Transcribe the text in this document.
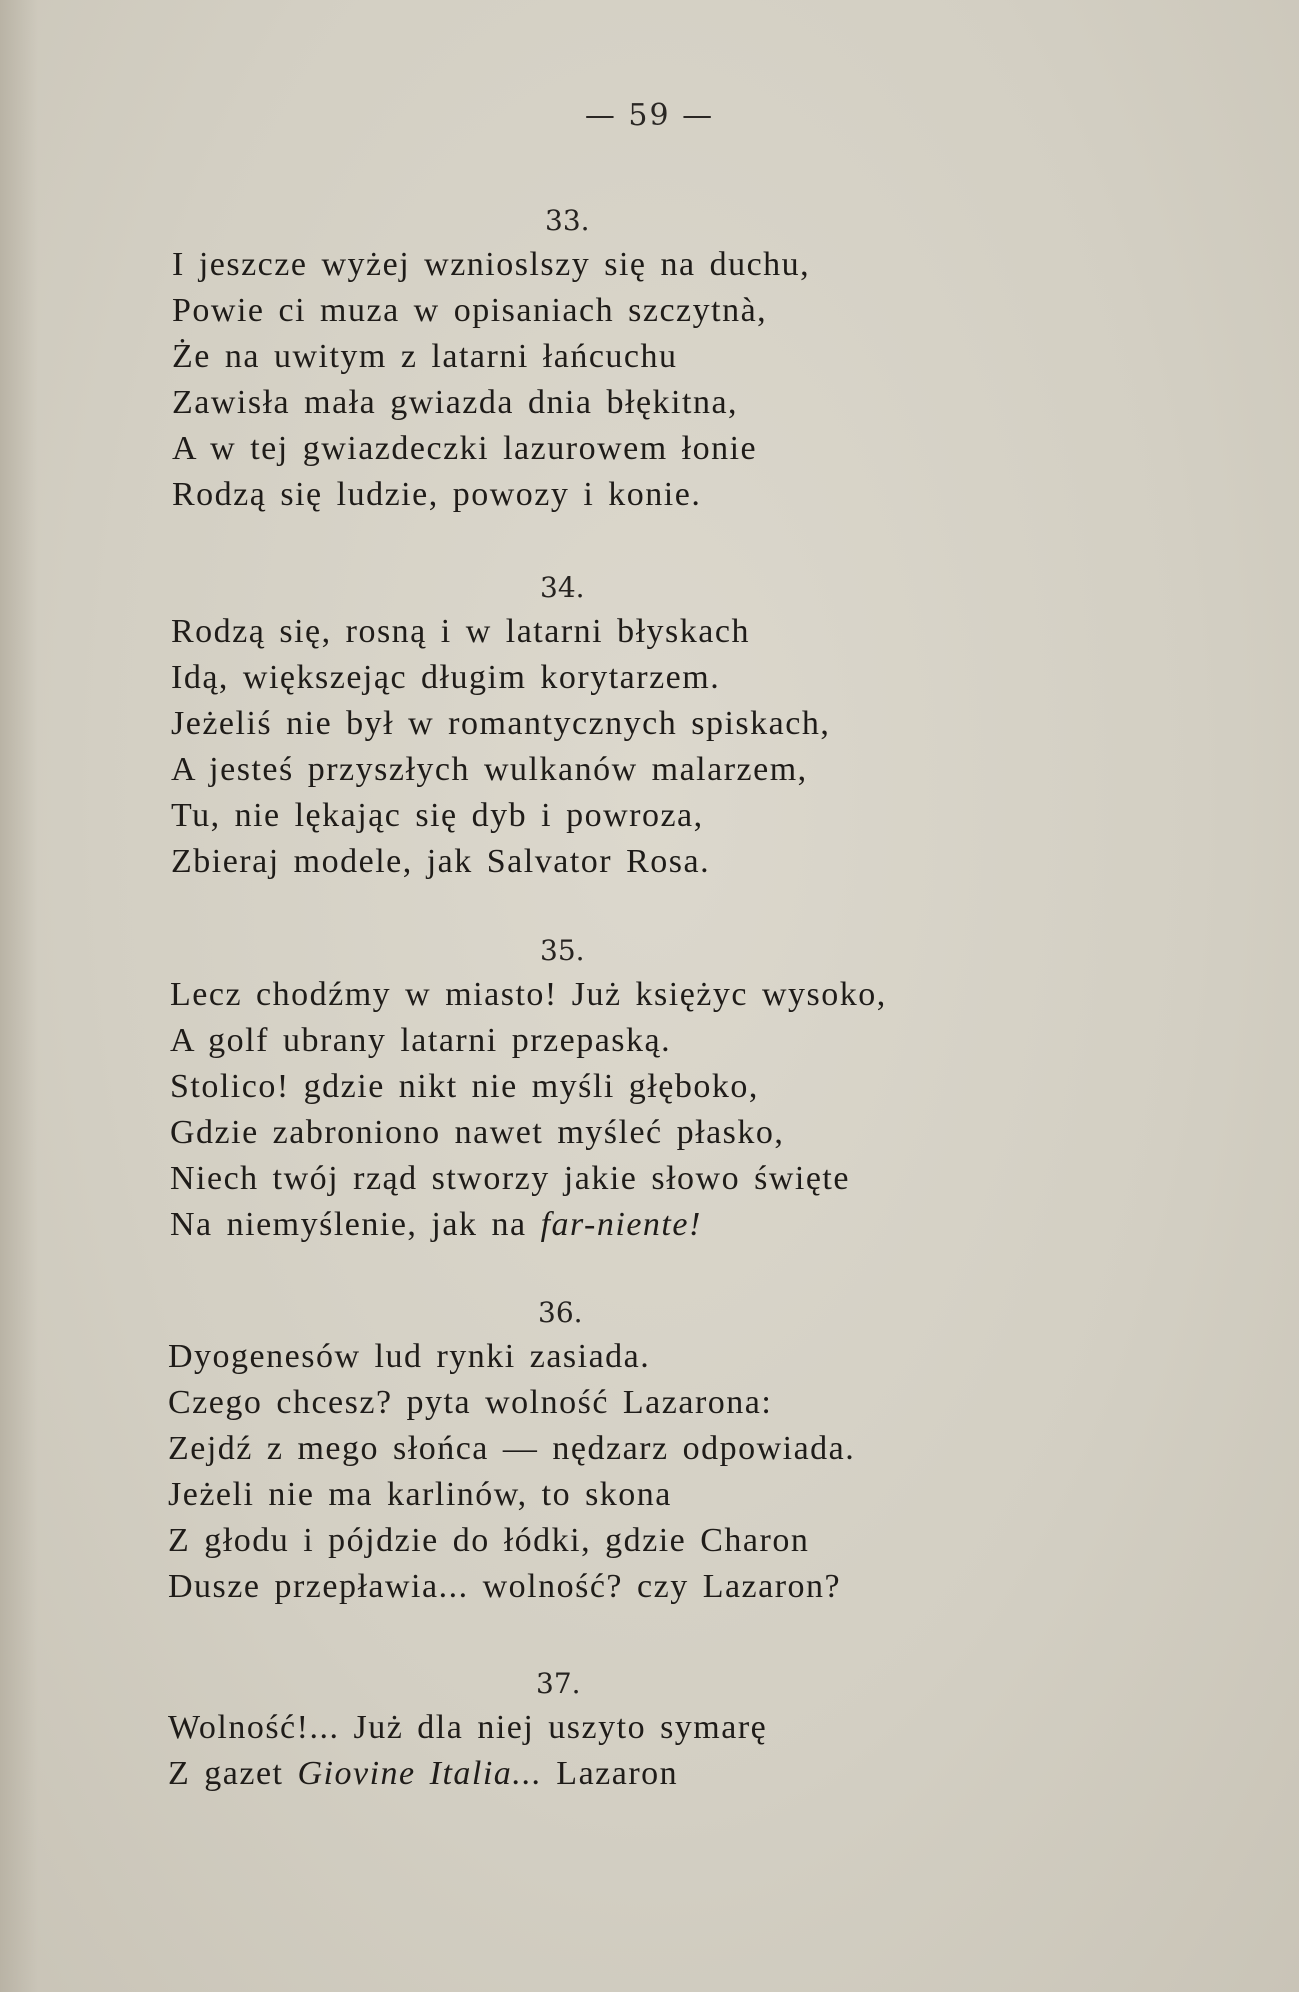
— 59 —
33.
I jeszcze wyżej wznioslszy się na duchu,
Powie ci muza w opisaniach szczytnà,
Że na uwitym z latarni łańcuchu
Zawisła mała gwiazda dnia błękitna,
A w tej gwiazdeczki lazurowem łonie
Rodzą się ludzie, powozy i konie.
34.
Rodzą się, rosną i w latarni błyskach
Idą, większejąc długim korytarzem.
Jeżeliś nie był w romantycznych spiskach,
A jesteś przyszłych wulkanów malarzem,
Tu, nie lękając się dyb i powroza,
Zbieraj modele, jak Salvator Rosa.
35.
Lecz chodźmy w miasto! Już księżyc wysoko,
A golf ubrany latarni przepaską.
Stolico! gdzie nikt nie myśli głęboko,
Gdzie zabroniono nawet myśleć płasko,
Niech twój rząd stworzy jakie słowo święte
Na niemyślenie, jak na far-niente!
36.
Dyogenesów lud rynki zasiada.
Czego chcesz? pyta wolność Lazarona:
Zejdź z mego słońca — nędzarz odpowiada.
Jeżeli nie ma karlinów, to skona
Z głodu i pójdzie do łódki, gdzie Charon
Dusze przepławia... wolność? czy Lazaron?
37.
Wolność!... Już dla niej uszyto symarę
Z gazet Giovine Italia... Lazaron
